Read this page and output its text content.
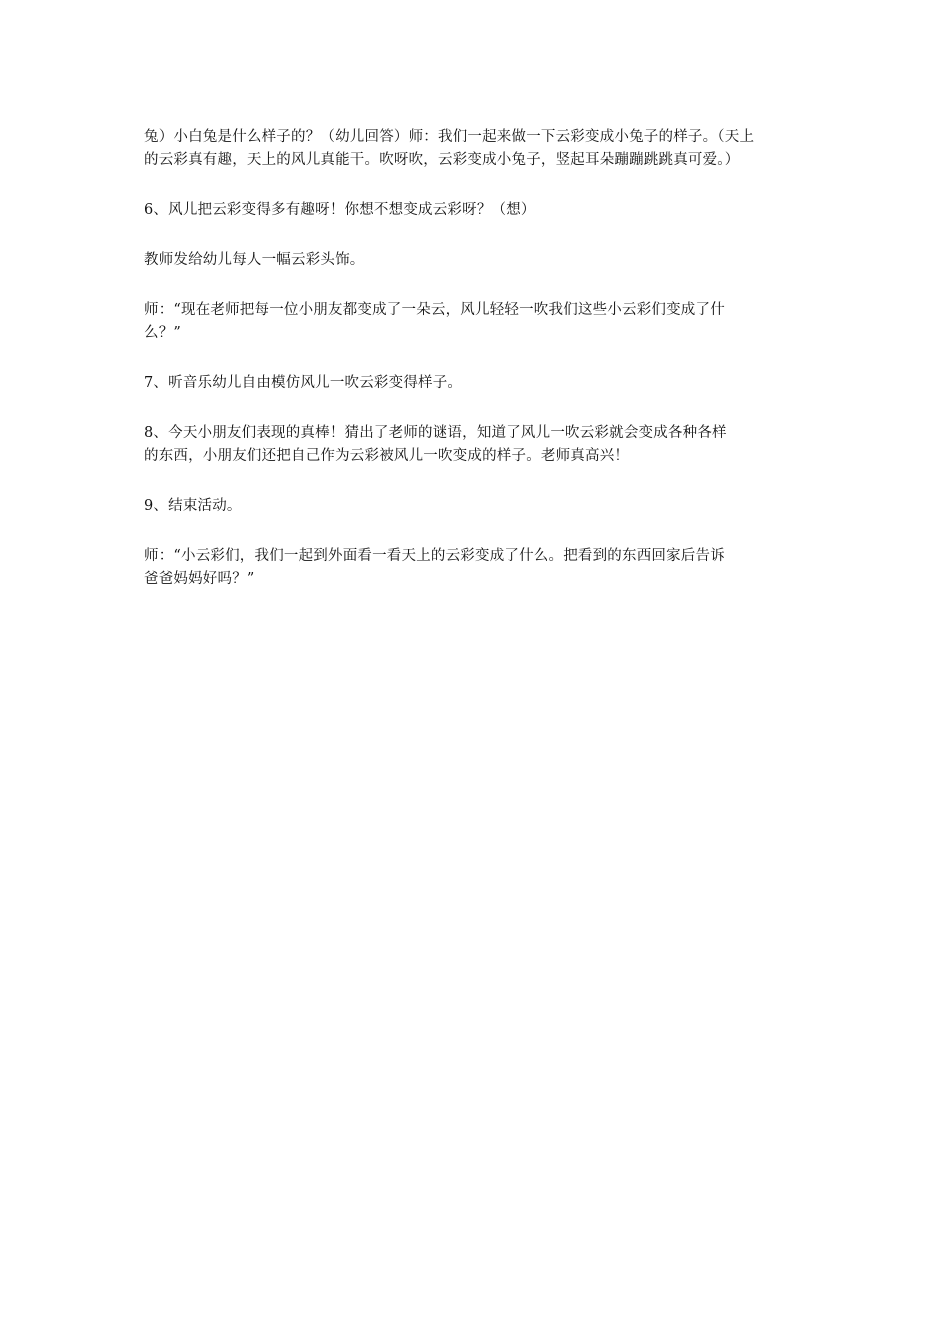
兔）小白兔是什么样子的？（幼儿回答）师：我们一起来做一下云彩变成小兔子的样子。（天上
的云彩真有趣，天上的风儿真能干。吹呀吹，云彩变成小兔子，竖起耳朵蹦蹦跳跳真可爱。）

6、风儿把云彩变得多有趣呀！你想不想变成云彩呀？（想）

教师发给幼儿每人一幅云彩头饰。

师：“现在老师把每一位小朋友都变成了一朵云，风儿轻轻一吹我们这些小云彩们变成了什
么？”

7、听音乐幼儿自由模仿风儿一吹云彩变得样子。

8、今天小朋友们表现的真棒！猜出了老师的谜语，知道了风儿一吹云彩就会变成各种各样
的东西，小朋友们还把自己作为云彩被风儿一吹变成的样子。老师真高兴！

9、结束活动。

师：“小云彩们，我们一起到外面看一看天上的云彩变成了什么。把看到的东西回家后告诉
爸爸妈妈好吗？”
